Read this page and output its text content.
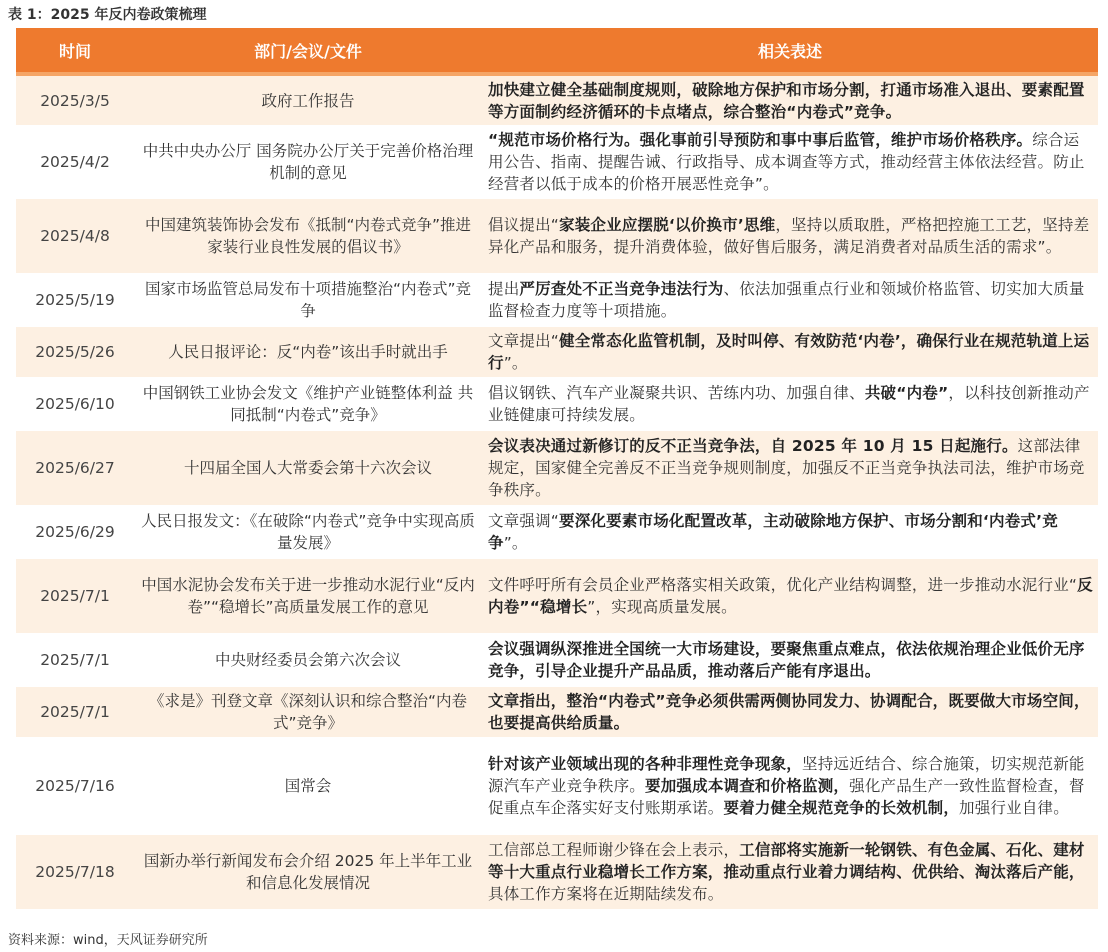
表 1：2025 年反内卷政策梳理
时间	部门/会议/文件	相关表述
2025/3/5	政府工作报告	加快建立健全基础制度规则，破除地方保护和市场分割，打通市场准入退出、要素配置等方面制约经济循环的卡点堵点，综合整治“内卷式”竞争。
2025/4/2	中共中央办公厅 国务院办公厅关于完善价格治理机制的意见	“规范市场价格行为。强化事前引导预防和事中事后监管，维护市场价格秩序。综合运用公告、指南、提醒告诫、行政指导、成本调查等方式，推动经营主体依法经营。防止经营者以低于成本的价格开展恶性竞争”。
2025/4/8	中国建筑装饰协会发布《抵制“内卷式竞争”推进家装行业良性发展的倡议书》	倡议提出“家装企业应摆脱‘以价换市’思维，坚持以质取胜，严格把控施工工艺，坚持差异化产品和服务，提升消费体验，做好售后服务，满足消费者对品质生活的需求”。
2025/5/19	国家市场监管总局发布十项措施整治“内卷式”竞争	提出严厉查处不正当竞争违法行为、依法加强重点行业和领域价格监管、切实加大质量监督检查力度等十项措施。
2025/5/26	人民日报评论：反“内卷”该出手时就出手	文章提出“健全常态化监管机制，及时叫停、有效防范‘内卷’，确保行业在规范轨道上运行”。
2025/6/10	中国钢铁工业协会发文《维护产业链整体利益 共同抵制“内卷式”竞争》	倡议钢铁、汽车产业凝聚共识、苦练内功、加强自律、共破“内卷”，以科技创新推动产业链健康可持续发展。
2025/6/27	十四届全国人大常委会第十六次会议	会议表决通过新修订的反不正当竞争法，自 2025 年 10 月 15 日起施行。这部法律规定，国家健全完善反不正当竞争规则制度，加强反不正当竞争执法司法，维护市场竞争秩序。
2025/6/29	人民日报发文：《在破除“内卷式”竞争中实现高质量发展》	文章强调“要深化要素市场化配置改革，主动破除地方保护、市场分割和‘内卷式’竞争”。
2025/7/1	中国水泥协会发布关于进一步推动水泥行业“反内卷”“稳增长”高质量发展工作的意见	文件呼吁所有会员企业严格落实相关政策，优化产业结构调整，进一步推动水泥行业“反内卷”“稳增长”，实现高质量发展。
2025/7/1	中央财经委员会第六次会议	会议强调纵深推进全国统一大市场建设，要聚焦重点难点，依法依规治理企业低价无序竞争，引导企业提升产品品质，推动落后产能有序退出。
2025/7/1	《求是》刊登文章《深刻认识和综合整治“内卷式”竞争》	文章指出，整治“内卷式”竞争必须供需两侧协同发力、协调配合，既要做大市场空间，也要提高供给质量。
2025/7/16	国常会	针对该产业领域出现的各种非理性竞争现象，坚持远近结合、综合施策，切实规范新能源汽车产业竞争秩序。要加强成本调查和价格监测，强化产品生产一致性监督检查，督促重点车企落实好支付账期承诺。要着力健全规范竞争的长效机制，加强行业自律。
2025/7/18	国新办举行新闻发布会介绍 2025 年上半年工业和信息化发展情况	工信部总工程师谢少锋在会上表示，工信部将实施新一轮钢铁、有色金属、石化、建材等十大重点行业稳增长工作方案，推动重点行业着力调结构、优供给、淘汰落后产能，具体工作方案将在近期陆续发布。
资料来源：wind，天风证券研究所
